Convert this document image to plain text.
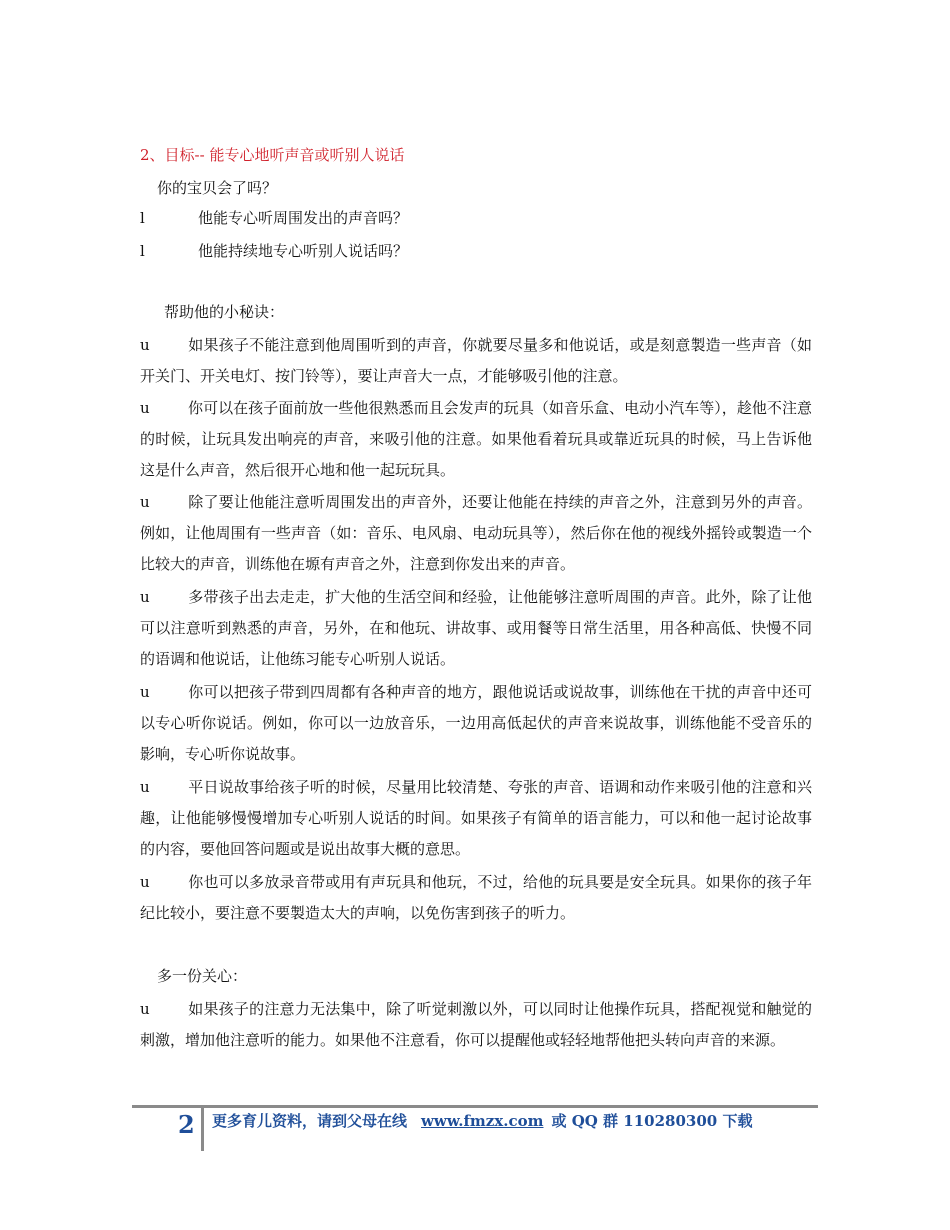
2、目标-- 能专心地听声音或听别人说话
你的宝贝会了吗？
l	他能专心听周围发出的声音吗？
l	他能持续地专心听别人说话吗？
帮助他的小秘诀：
u	如果孩子不能注意到他周围听到的声音，你就要尽量多和他说话，或是刻意製造一些声音（如开关门、开关电灯、按门铃等），要让声音大一点，才能够吸引他的注意。
u	你可以在孩子面前放一些他很熟悉而且会发声的玩具（如音乐盒、电动小汽车等），趁他不注意的时候，让玩具发出响亮的声音，来吸引他的注意。如果他看着玩具或靠近玩具的时候，马上告诉他这是什么声音，然后很开心地和他一起玩玩具。
u	除了要让他能注意听周围发出的声音外，还要让他能在持续的声音之外，注意到另外的声音。例如，让他周围有一些声音（如：音乐、电风扇、电动玩具等），然后你在他的视线外摇铃或製造一个比较大的声音，训练他在塬有声音之外，注意到你发出来的声音。
u	多带孩子出去走走，扩大他的生活空间和经验，让他能够注意听周围的声音。此外，除了让他可以注意听到熟悉的声音，另外，在和他玩、讲故事、或用餐等日常生活里，用各种高低、快慢不同的语调和他说话，让他练习能专心听别人说话。
u	你可以把孩子带到四周都有各种声音的地方，跟他说话或说故事，训练他在干扰的声音中还可以专心听你说话。例如，你可以一边放音乐，一边用高低起伏的声音来说故事，训练他能不受音乐的影响，专心听你说故事。
u	平日说故事给孩子听的时候，尽量用比较清楚、夸张的声音、语调和动作来吸引他的注意和兴趣，让他能够慢慢增加专心听别人说话的时间。如果孩子有简单的语言能力，可以和他一起讨论故事的内容，要他回答问题或是说出故事大概的意思。
u	你也可以多放录音带或用有声玩具和他玩，不过，给他的玩具要是安全玩具。如果你的孩子年纪比较小，要注意不要製造太大的声响，以免伤害到孩子的听力。
多一份关心：
u	如果孩子的注意力无法集中，除了听觉刺激以外，可以同时让他操作玩具，搭配视觉和触觉的刺激，增加他注意听的能力。如果他不注意看，你可以提醒他或轻轻地帮他把头转向声音的来源。
2 更多育儿资料，请到父母在线 www.fmzx.com 或 QQ 群 110280300 下载
